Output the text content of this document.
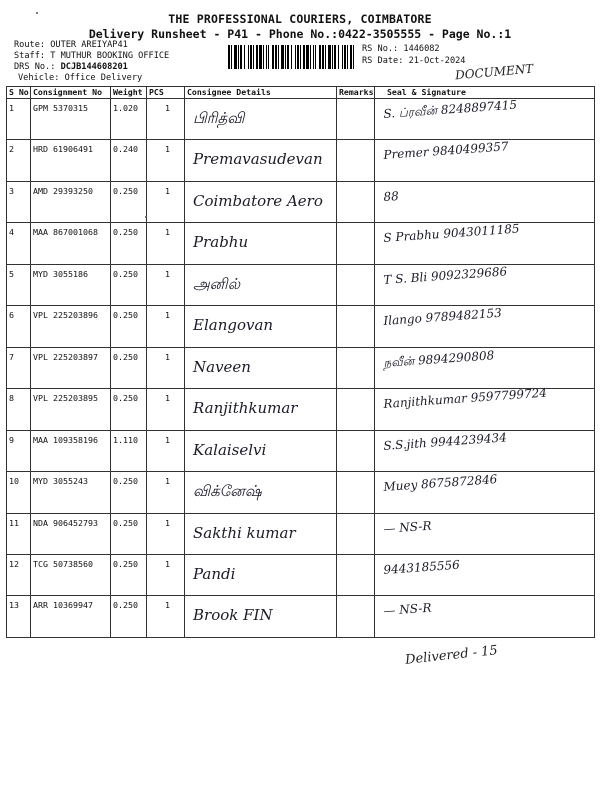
THE PROFESSIONAL COURIERS, COIMBATORE
Delivery Runsheet - P41 - Phone No.:0422-3505555 - Page No.:1
Route: OUTER AREIYAP41
Staff: T MUTHUR BOOKING OFFICE
DRS No.: DCJB144608201
Vehicle: Office Delivery
RS No.: 1446082
RS Date: 21-Oct-2024
DOCUMENT
S No	Consignment No	Weight	PCS	Consignee Details	Remarks	Seal & Signature
1	GPM 5370315	1.020	1	பிரித்வி		S. ப்ரவீன் 8248897415

2	HRD 61906491	0.240	1	Premavasudevan		Premer 9840499357

3	AMD 29393250	0.250	1	Coimbatore Aero		88

4	MAA 867001068	0.250	1	Prabhu		S Prabhu 9043011185

5	MYD 3055186	0.250	1	அனில்		T S. Bli 9092329686

6	VPL 225203896	0.250	1	Elangovan		Ilango 9789482153

7	VPL 225203897	0.250	1	Naveen		நவீன் 9894290808

8	VPL 225203895	0.250	1	Ranjithkumar		Ranjithkumar 9597799724

9	MAA 109358196	1.110	1	Kalaiselvi		S.S.jith 9944239434

10	MYD 3055243	0.250	1	விக்னேஷ்		Muey 8675872846

11	NDA 906452793	0.250	1	Sakthi kumar		— NS-R

12	TCG 50738560	0.250	1	Pandi		9443185556

13	ARR 10369947	0.250	1	Brook FIN		— NS-R
Delivered - 15
